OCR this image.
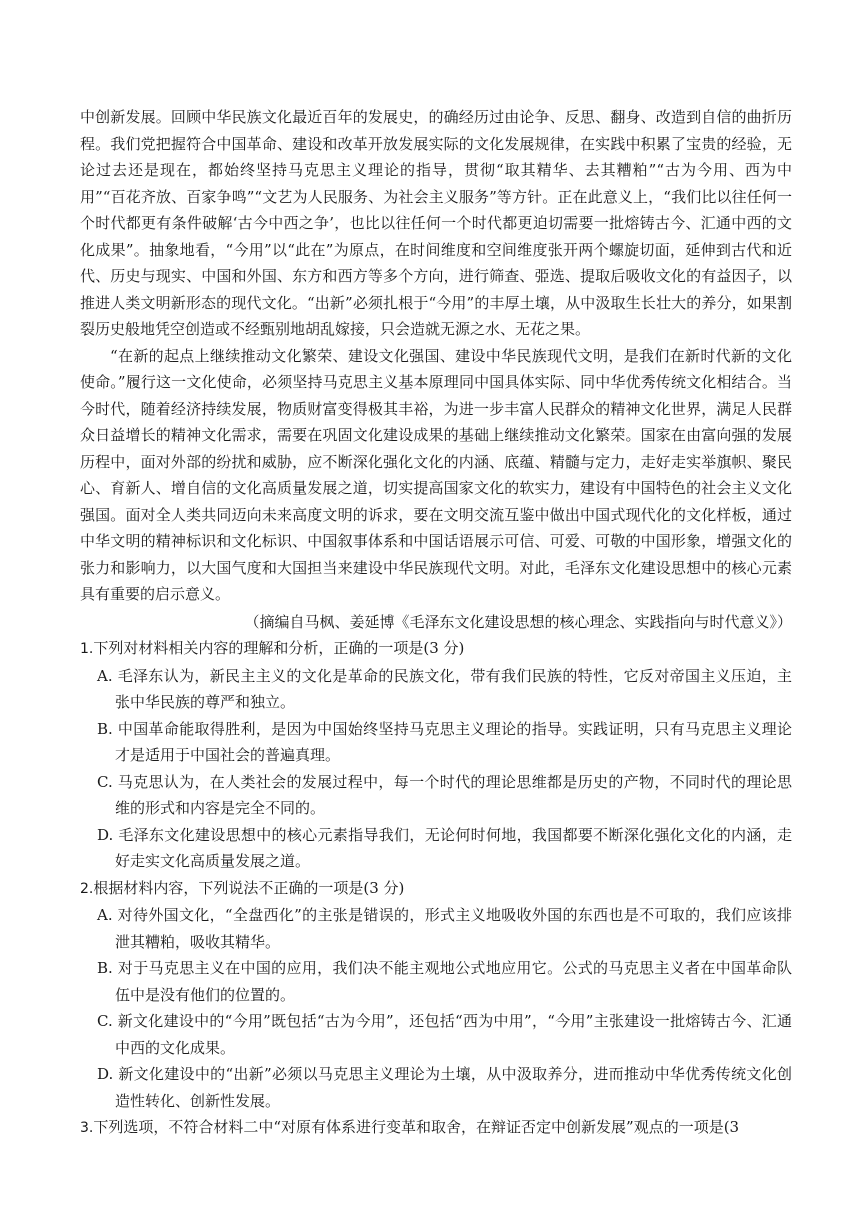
中创新发展。回顾中华民族文化最近百年的发展史，的确经历过由论争、反思、翻身、改造到自信的曲折历程。我们党把握符合中国革命、建设和改革开放发展实际的文化发展规律，在实践中积累了宝贵的经验，无论过去还是现在，都始终坚持马克思主义理论的指导，贯彻“取其精华、去其糟粕”“古为今用、西为中用”“百花齐放、百家争鸣”“文艺为人民服务、为社会主义服务”等方针。正在此意义上，“我们比以往任何一个时代都更有条件破解‘古今中西之争’，也比以往任何一个时代都更迫切需要一批熔铸古今、汇通中西的文化成果”。抽象地看，“今用”以“此在”为原点，在时间维度和空间维度张开两个螺旋切面，延伸到古代和近代、历史与现实、中国和外国、东方和西方等多个方向，进行筛查、弫选、提取后吸收文化的有益因子，以推进人类文明新形态的现代文化。“出新”必须扎根于“今用”的丰厚土壤，从中汲取生长壮大的养分，如果割裂历史般地凭空创造或不经甄别地胡乱嫁接，只会造就无源之水、无花之果。

“在新的起点上继续推动文化繁荣、建设文化强国、建设中华民族现代文明，是我们在新时代新的文化使命。”履行这一文化使命，必须坚持马克思主义基本原理同中国具体实际、同中华优秀传统文化相结合。当今时代，随着经济持续发展，物质财富变得极其丰裕，为进一步丰富人民群众的精神文化世界，满足人民群众日益增长的精神文化需求，需要在巩固文化建设成果的基础上继续推动文化繁荣。国家在由富向强的发展历程中，面对外部的纷扰和威胁，应不断深化强化文化的内涵、底蕴、精髓与定力，走好走实举旗帜、聚民心、育新人、增自信的文化高质量发展之道，切实提高国家文化的软实力，建设有中国特色的社会主义文化强国。面对全人类共同迈向未来高度文明的诉求，要在文明交流互鉴中做出中国式现代化的文化样板，通过中华文明的精神标识和文化标识、中国叙事体系和中国话语展示可信、可爱、可敬的中国形象，增强文化的张力和影响力，以大国气度和大国担当来建设中华民族现代文明。对此，毛泽东文化建设思想中的核心元素具有重要的启示意义。

（摘编自马枫、姜延博《毛泽东文化建设思想的核心理念、实践指向与时代意义》）

1.下列对材料相关内容的理解和分析，正确的一项是(3 分)

A. 毛泽东认为，新民主主义的文化是革命的民族文化，带有我们民族的特性，它反对帝国主义压迫，主张中华民族的尊严和独立。

B. 中国革命能取得胜利，是因为中国始终坚持马克思主义理论的指导。实践证明，只有马克思主义理论才是适用于中国社会的普遍真理。

C. 马克思认为，在人类社会的发展过程中，每一个时代的理论思维都是历史的产物，不同时代的理论思维的形式和内容是完全不同的。

D. 毛泽东文化建设思想中的核心元素指导我们，无论何时何地，我国都要不断深化强化文化的内涵，走好走实文化高质量发展之道。

2.根据材料内容，下列说法不正确的一项是(3 分)

A. 对待外国文化，“全盘西化”的主张是错误的，形式主义地吸收外国的东西也是不可取的，我们应该排泄其糟粕，吸收其精华。

B. 对于马克思主义在中国的应用，我们决不能主观地公式地应用它。公式的马克思主义者在中国革命队伍中是没有他们的位置的。

C. 新文化建设中的“今用”既包括“古为今用”，还包括“西为中用”，“今用”主张建设一批熔铸古今、汇通中西的文化成果。

D. 新文化建设中的“出新”必须以马克思主义理论为土壤，从中汲取养分，进而推动中华优秀传统文化创造性转化、创新性发展。

3.下列选项，不符合材料二中“对原有体系进行变革和取舍，在辩证否定中创新发展”观点的一项是(3
